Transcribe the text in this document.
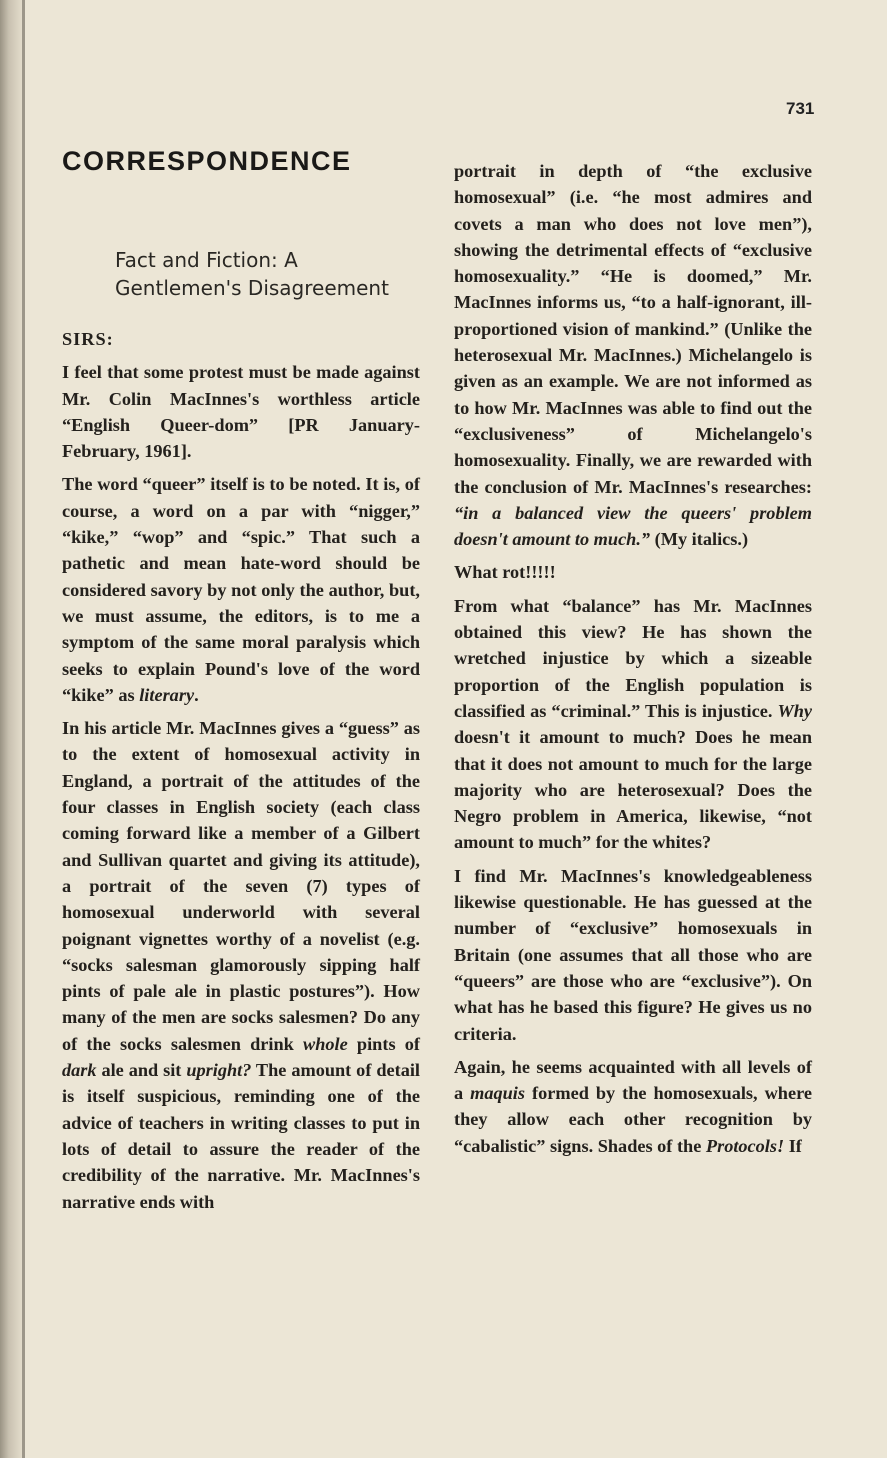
731
CORRESPONDENCE
Fact and Fiction: A
Gentlemen's Disagreement

SIRS:

I feel that some protest must be made against Mr. Colin MacInnes's worthless article “English Queer-dom” [PR January-February, 1961].

The word “queer” itself is to be noted. It is, of course, a word on a par with “nigger,” “kike,” “wop” and “spic.” That such a pathetic and mean hate-word should be considered savory by not only the author, but, we must assume, the editors, is to me a symptom of the same moral paralysis which seeks to explain Pound's love of the word “kike” as literary.

In his article Mr. MacInnes gives a “guess” as to the extent of homosexual activity in England, a portrait of the attitudes of the four classes in English society (each class coming forward like a member of a Gilbert and Sullivan quartet and giving its attitude), a portrait of the seven (7) types of homosexual underworld with several poignant vignettes worthy of a novelist (e.g. “socks salesman glamorously sipping half pints of pale ale in plastic postures”). How many of the men are socks salesmen? Do any of the socks salesmen drink whole pints of dark ale and sit upright? The amount of detail is itself suspicious, reminding one of the advice of teachers in writing classes to put in lots of detail to assure the reader of the credibility of the narrative. Mr. MacInnes's narrative ends with

portrait in depth of “the exclusive homosexual” (i.e. “he most admires and covets a man who does not love men”), showing the detrimental effects of “exclusive homosexuality.” “He is doomed,” Mr. MacInnes informs us, “to a half-ignorant, ill-proportioned vision of mankind.” (Unlike the heterosexual Mr. MacInnes.) Michelangelo is given as an example. We are not informed as to how Mr. MacInnes was able to find out the “exclusiveness” of Michelangelo's homosexuality. Finally, we are rewarded with the conclusion of Mr. MacInnes's researches: “in a balanced view the queers' problem doesn't amount to much.” (My italics.)

What rot!!!!!

From what “balance” has Mr. MacInnes obtained this view? He has shown the wretched injustice by which a sizeable proportion of the English population is classified as “criminal.” This is injustice. Why doesn't it amount to much? Does he mean that it does not amount to much for the large majority who are heterosexual? Does the Negro problem in America, likewise, “not amount to much” for the whites?

I find Mr. MacInnes's knowledgeableness likewise questionable. He has guessed at the number of “exclusive” homosexuals in Britain (one assumes that all those who are “queers” are those who are “exclusive”). On what has he based this figure? He gives us no criteria.

Again, he seems acquainted with all levels of a maquis formed by the homosexuals, where they allow each other recognition by “cabalistic” signs. Shades of the Protocols! If
